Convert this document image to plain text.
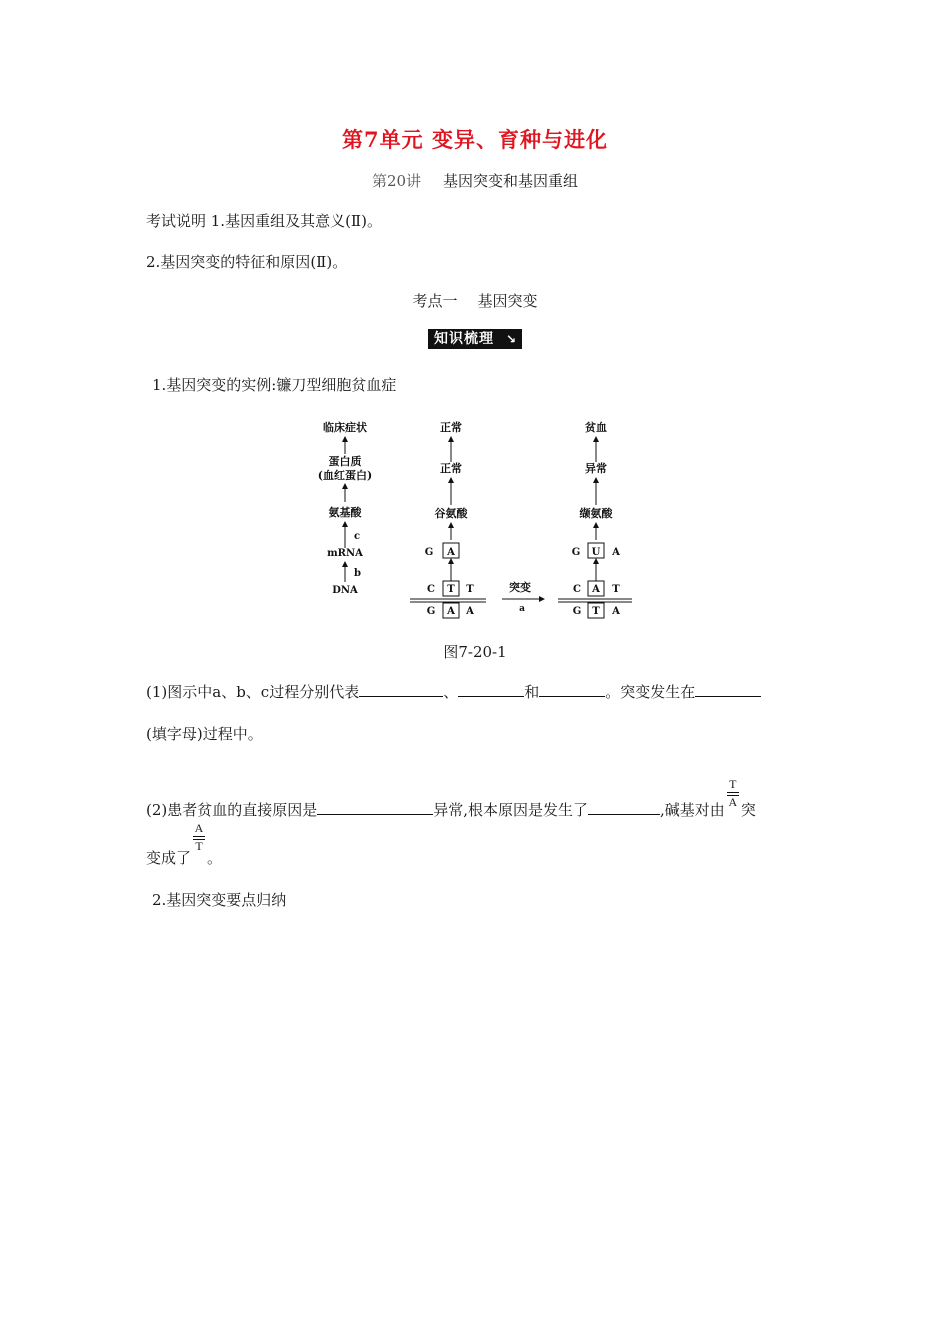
第7单元 变异、育种与进化
第20讲 基因突变和基因重组
考试说明 1.基因重组及其意义(Ⅱ)。
2.基因突变的特征和原因(Ⅱ)。
考点一 基因突变
知识梳理 ↘
1.基因突变的实例:镰刀型细胞贫血症
临床症状
蛋白质
(血红蛋白)
氨基酸
c
mRNA
b
DNA
正常
正常
谷氨酸
G A
C T T
G A A
突变
a
贫血
异常
缬氨酸
G U A
C A T
G T A
图7-20-1
(1)图示中a、b、c过程分别代表	、	和	。突变发生在
(填字母)过程中。
(2)患者贫血的直接原因是	异常,根本原因是发生了	,碱基对由 $\frac{T}{A}$ 突
变成了 $\frac{A}{T}$ 。
2.基因突变要点归纳
